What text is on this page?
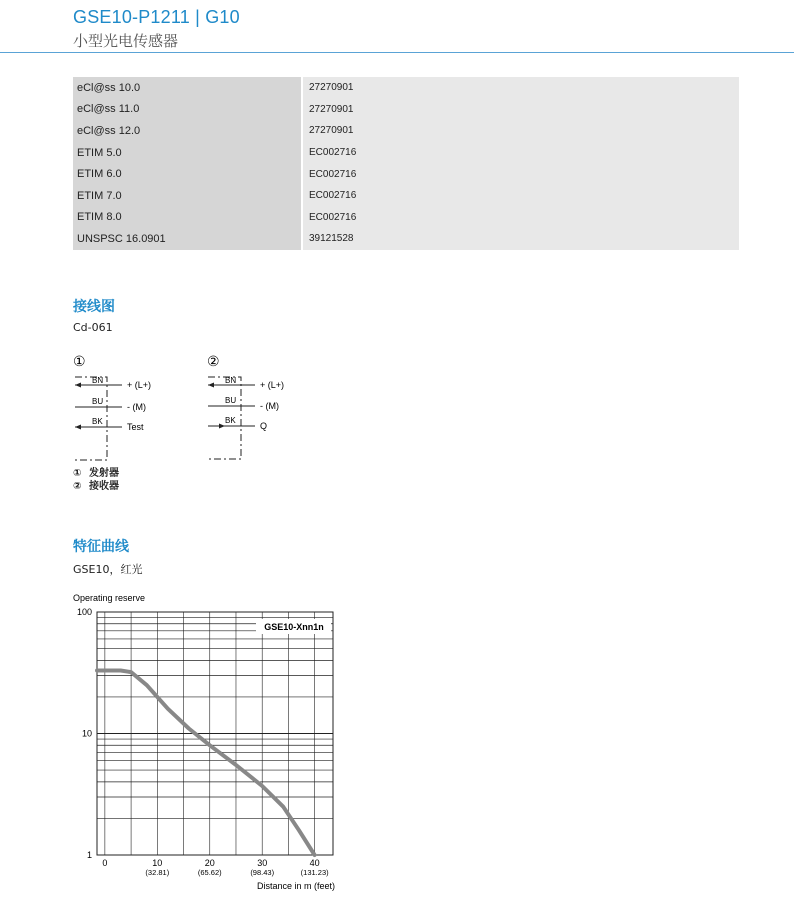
GSE10-P1211 | G10
小型光电传感器
eCl@ss 10.0	27270901
eCl@ss 11.0	27270901
eCl@ss 12.0	27270901
ETIM 5.0	EC002716
ETIM 6.0	EC002716
ETIM 7.0	EC002716
ETIM 8.0	EC002716
UNSPSC 16.0901	39121528
接线图
Cd-061
①
BN	+ (L+)
BU
- (M)
BK
Test
②
BN	+ (L+)
BU
- (M)
BK
Q
① 发射器
② 接收器
特征曲线
GSE10，红光
Operating reserve
100
10
1
0	10
(32.81)
20
(65.62)
30
(98.43)
40
(131.23)
Distance in m (feet)
GSE10-Xnn1n
